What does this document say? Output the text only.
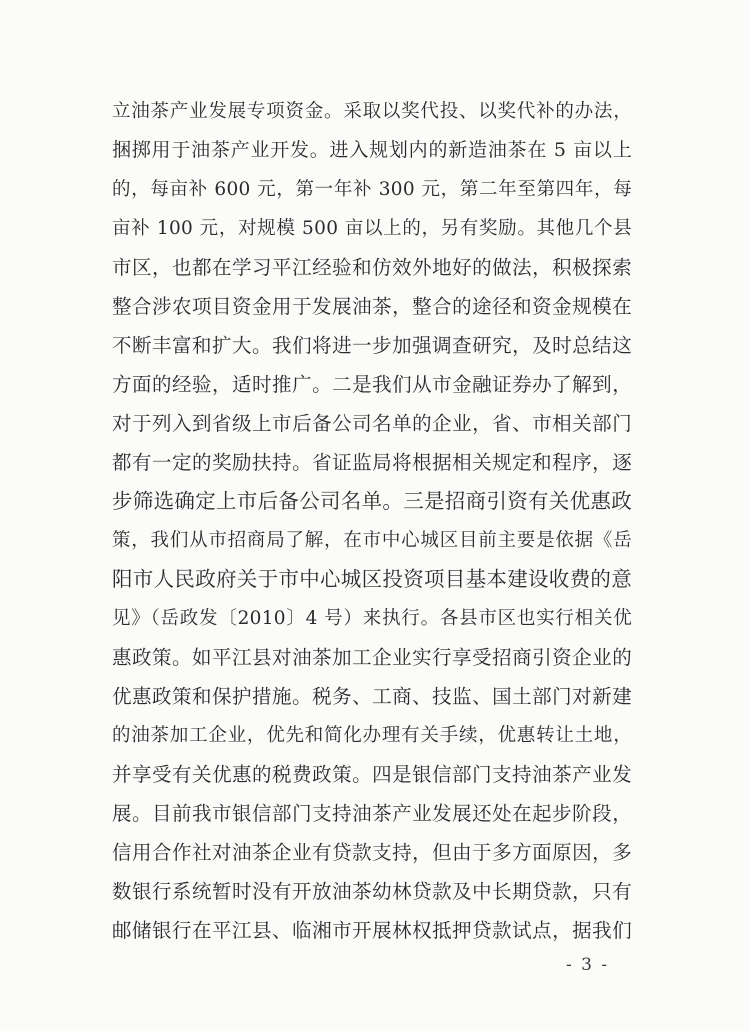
立油茶产业发展专项资金。采取以奖代投、以奖代补的办法，
捆掷用于油茶产业开发。进入规划内的新造油茶在 5 亩以上
的，每亩补 600 元，第一年补 300 元，第二年至第四年，每
亩补 100 元，对规模 500 亩以上的，另有奖励。其他几个县
市区，也都在学习平江经验和仿效外地好的做法，积极探索
整合涉农项目资金用于发展油茶，整合的途径和资金规模在
不断丰富和扩大。我们将进一步加强调查研究，及时总结这
方面的经验，适时推广。二是我们从市金融证券办了解到，
对于列入到省级上市后备公司名单的企业，省、市相关部门
都有一定的奖励扶持。省证监局将根据相关规定和程序，逐
步筛选确定上市后备公司名单。三是招商引资有关优惠政
策，我们从市招商局了解，在市中心城区目前主要是依据《岳
阳市人民政府关于市中心城区投资项目基本建设收费的意
见》（岳政发〔2010〕4 号）来执行。各县市区也实行相关优
惠政策。如平江县对油茶加工企业实行享受招商引资企业的
优惠政策和保护措施。税务、工商、技监、国土部门对新建
的油茶加工企业，优先和简化办理有关手续，优惠转让土地，
并享受有关优惠的税费政策。四是银信部门支持油茶产业发
展。目前我市银信部门支持油茶产业发展还处在起步阶段，
信用合作社对油茶企业有贷款支持，但由于多方面原因，多
数银行系统暂时没有开放油茶幼林贷款及中长期贷款，只有
邮储银行在平江县、临湘市开展林权抵押贷款试点，据我们
- 3 -
